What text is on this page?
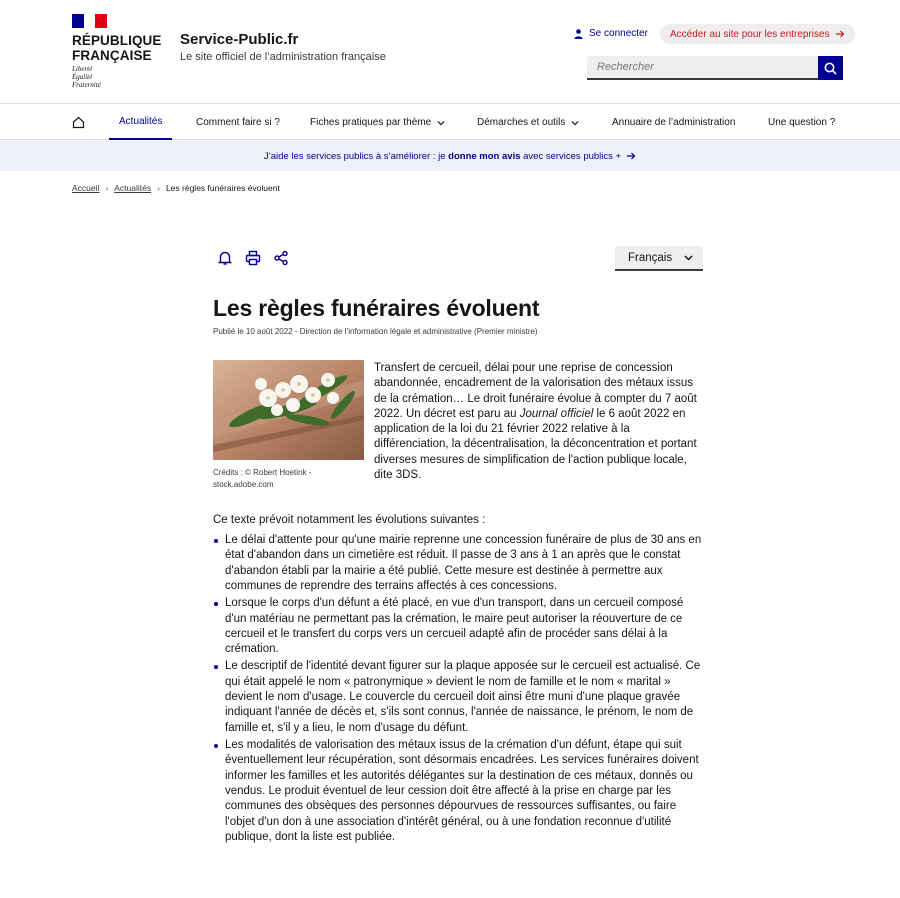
RÉPUBLIQUE
FRANÇAISE
Liberté
Égalité
Fraternité
Service-Public.fr
Le site officiel de l’administration française
Se connecter Accéder au site pour les entreprises
Rechercher
Actualités	Comment faire si ?	Fiches pratiques par thème	Démarches et outils	Annuaire de l’administration	Une question ?
J’aide les services publics à s’améliorer : je donne mon avis avec services publics +
Accueil › Actualités › Les règles funéraires évoluent
Français
Les règles funéraires évoluent
Publié le 10 août 2022 - Direction de l’information légale et administrative (Premier ministre)
Crédits : © Robert Hoetink - stock.adobe.com

Transfert de cercueil, délai pour une reprise de concession abandonnée, encadrement de la valorisation des métaux issus de la crémation… Le droit funéraire évolue à compter du 7 août 2022. Un décret est paru au Journal officiel le 6 août 2022 en application de la loi du 21 février 2022 relative à la différenciation, la décentralisation, la déconcentration et portant diverses mesures de simplification de l'action publique locale, dite 3DS.

Ce texte prévoit notamment les évolutions suivantes :

Le délai d'attente pour qu'une mairie reprenne une concession funéraire de plus de 30 ans en état d'abandon dans un cimetière est réduit. Il passe de 3 ans à 1 an après que le constat d'abandon établi par la mairie a été publié. Cette mesure est destinée à permettre aux communes de reprendre des terrains affectés à ces concessions.
Lorsque le corps d'un défunt a été placé, en vue d'un transport, dans un cercueil composé d'un matériau ne permettant pas la crémation, le maire peut autoriser la réouverture de ce cercueil et le transfert du corps vers un cercueil adapté afin de procéder sans délai à la crémation.
Le descriptif de l'identité devant figurer sur la plaque apposée sur le cercueil est actualisé. Ce qui était appelé le nom « patronymique » devient le nom de famille et le nom « marital » devient le nom d'usage. Le couvercle du cercueil doit ainsi être muni d'une plaque gravée indiquant l'année de décès et, s'ils sont connus, l'année de naissance, le prénom, le nom de famille et, s'il y a lieu, le nom d'usage du défunt.
Les modalités de valorisation des métaux issus de la crémation d'un défunt, étape qui suit éventuellement leur récupération, sont désormais encadrées. Les services funéraires doivent informer les familles et les autorités délégantes sur la destination de ces métaux, donnés ou vendus. Le produit éventuel de leur cession doit être affecté à la prise en charge par les communes des obsèques des personnes dépourvues de ressources suffisantes, ou faire l'objet d'un don à une association d'intérêt général, ou à une fondation reconnue d'utilité publique, dont la liste est publiée.
